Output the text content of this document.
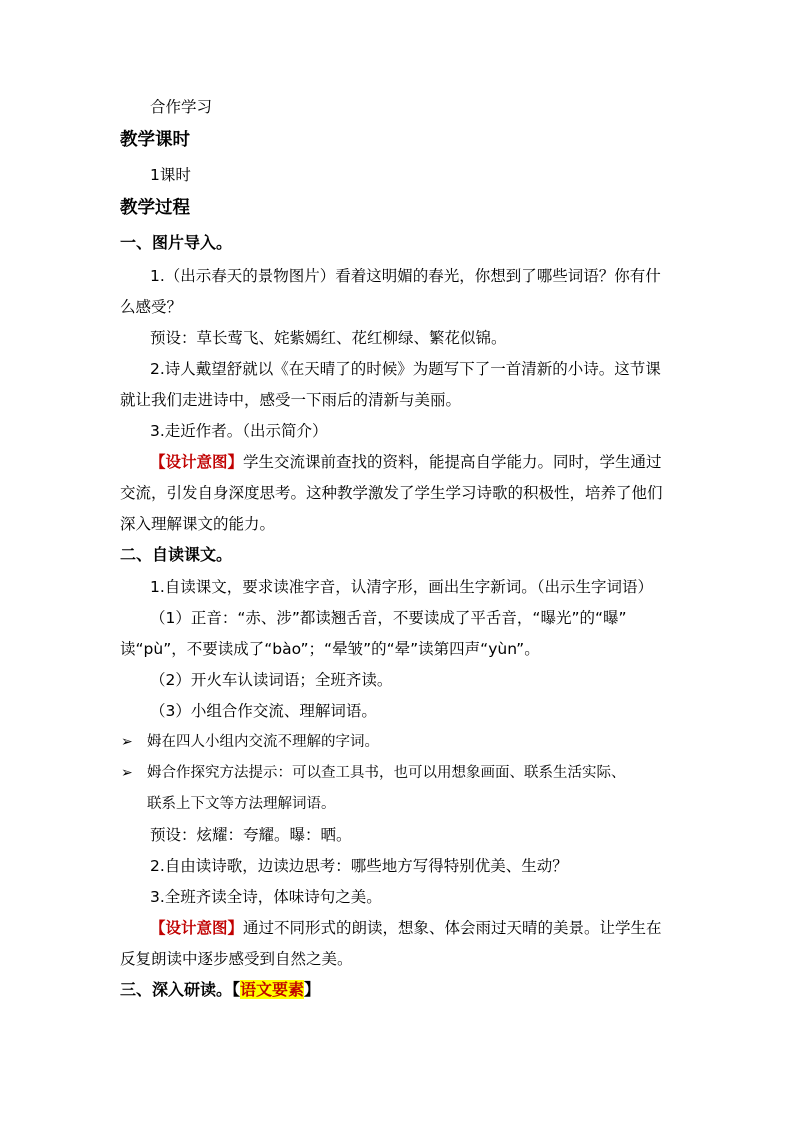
合作学习
教学课时
1课时
教学过程
一、图片导入。
1.（出示春天的景物图片）看着这明媚的春光，你想到了哪些词语？你有什
么感受？
预设：草长莺飞、姹紫嫣红、花红柳绿、繁花似锦。
2.诗人戴望舒就以《在天晴了的时候》为题写下了一首清新的小诗。这节课
就让我们走进诗中，感受一下雨后的清新与美丽。
3.走近作者。（出示简介）
【设计意图】学生交流课前查找的资料，能提高自学能力。同时，学生通过
交流，引发自身深度思考。这种教学激发了学生学习诗歌的积极性，培养了他们
深入理解课文的能力。
二、自读课文。
1.自读课文，要求读准字音，认清字形，画出生字新词。（出示生字词语）
（1）正音：“赤、涉”都读翘舌音，不要读成了平舌音，“曝光”的“曝”
读“pù”，不要读成了“bào”；“晕皱”的“晕”读第四声“yùn”。
（2）开火车认读词语；全班齐读。
（3）小组合作交流、理解词语。
➢ 姆在四人小组内交流不理解的字词。
➢ 姆合作探究方法提示：可以查工具书，也可以用想象画面、联系生活实际、
联系上下文等方法理解词语。
预设：炫耀：夸耀。曝：晒。
2.自由读诗歌，边读边思考：哪些地方写得特别优美、生动？
3.全班齐读全诗，体味诗句之美。
【设计意图】通过不同形式的朗读，想象、体会雨过天晴的美景。让学生在
反复朗读中逐步感受到自然之美。
三、深入研读。【语文要素】
